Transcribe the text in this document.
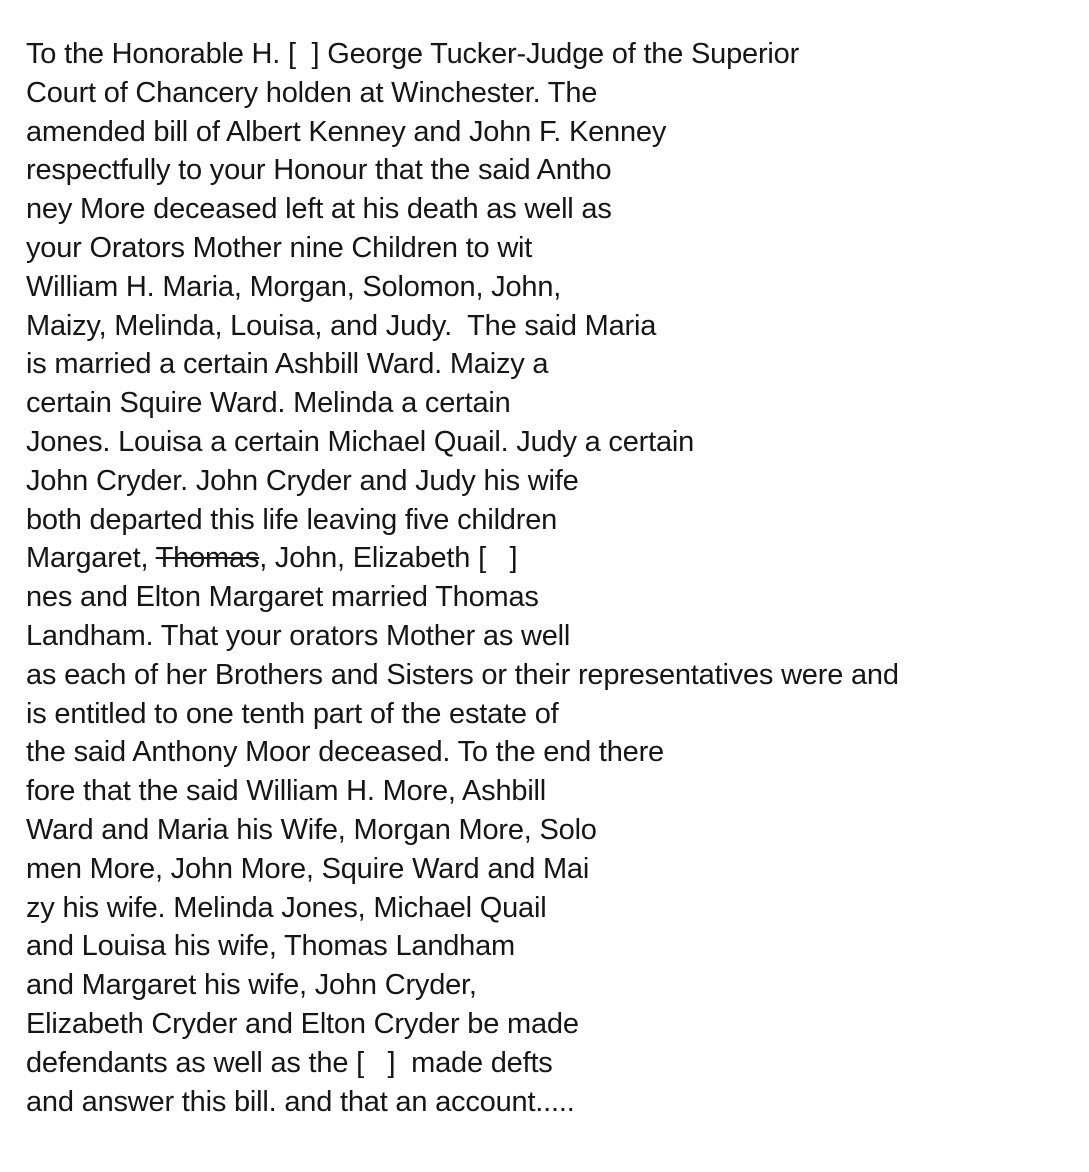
To the Honorable H. [  ] George Tucker-Judge of the Superior
Court of Chancery holden at Winchester. The
amended bill of Albert Kenney and John F. Kenney
respectfully to your Honour that the said Antho
ney More deceased left at his death as well as
your Orators Mother nine Children to wit
William H. Maria, Morgan, Solomon, John,
Maizy, Melinda, Louisa, and Judy.  The said Maria
is married a certain Ashbill Ward. Maizy a
certain Squire Ward. Melinda a certain
Jones. Louisa a certain Michael Quail. Judy a certain
John Cryder. John Cryder and Judy his wife
both departed this life leaving five children
Margaret, Thomas, John, Elizabeth [   ]
nes and Elton Margaret married Thomas
Landham. That your orators Mother as well
as each of her Brothers and Sisters or their representatives were and
is entitled to one tenth part of the estate of
the said Anthony Moor deceased. To the end there
fore that the said William H. More, Ashbill
Ward and Maria his Wife, Morgan More, Solo
men More, John More, Squire Ward and Mai
zy his wife. Melinda Jones, Michael Quail
and Louisa his wife, Thomas Landham
and Margaret his wife, John Cryder,
Elizabeth Cryder and Elton Cryder be made
defendants as well as the [   ]  made defts
and answer this bill. and that an account.....
